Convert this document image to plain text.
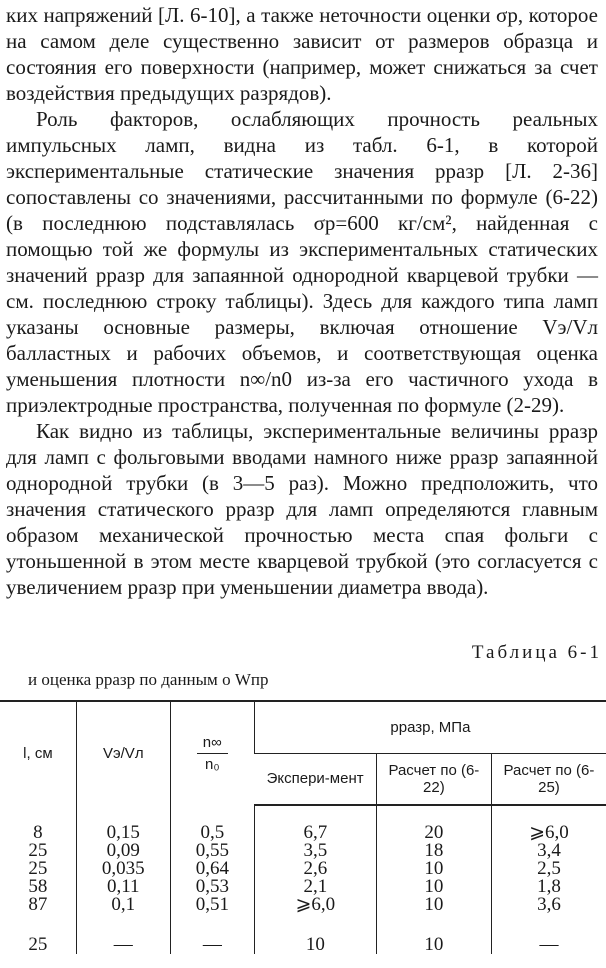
ких напряжений [Л. 6-10], а также неточности оценки σр, которое на самом деле существенно зависит от размеров образца и состояния его поверхности (например, может снижаться за счет воздействия предыдущих разрядов).

Роль факторов, ослабляющих прочность реальных импульсных ламп, видна из табл. 6-1, в которой экспериментальные статические значения pразр [Л. 2-36] сопоставлены со значениями, рассчитанными по формуле (6-22) (в последнюю подставлялась σр=600 кг/см², найденная с помощью той же формулы из экспериментальных статических значений pразр для запаянной однородной кварцевой трубки — см. последнюю строку таблицы). Здесь для каждого типа ламп указаны основные размеры, включая отношение Vэ/Vл балластных и рабочих объемов, и соответствующая оценка уменьшения плотности n∞/n0 из-за его частичного ухода в приэлектродные пространства, полученная по формуле (2-29).

Как видно из таблицы, экспериментальные величины pразр для ламп с фольговыми вводами намного ниже pразр запаянной однородной трубки (в 3—5 раз). Можно предположить, что значения статического pразр для ламп определяются главным образом механической прочностью места спая фольги с утоньшенной в этом месте кварцевой трубкой (это согласуется с увеличением pразр при уменьшении диаметра ввода).

Таблица 6-1
и оценка pразр по данным о Wпр
l, см	Vэ/Vл	$\frac{n\infty}{\text{n₀}}$	pразр, МПа		
			Экспери-мент	Расчет по (6-22)	Расчет по (6-25)
8	0,15	0,5	6,7	20	⩾6,0
25	0,09	0,55	3,5	18	3,4
25	0,035	0,64	2,6	10	2,5
58	0,11	0,53	2,1	10	1,8
87	0,1	0,51	⩾6,0	10	3,6
25	—	—	10	10	—
